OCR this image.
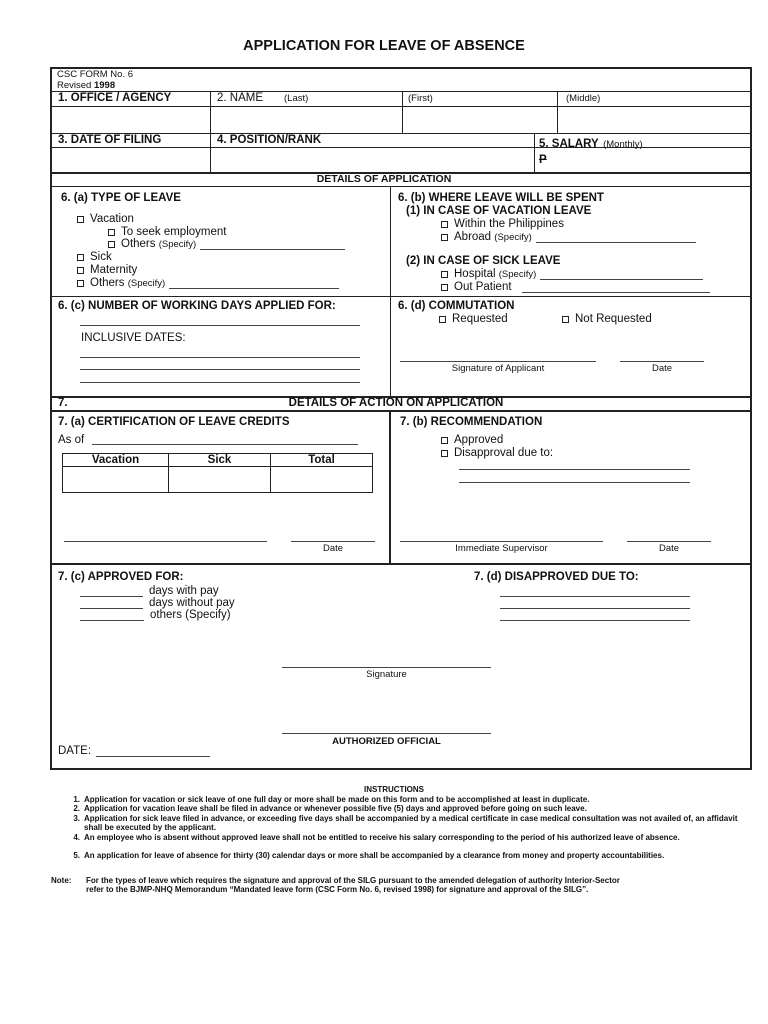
APPLICATION FOR LEAVE OF ABSENCE
CSC FORM No. 6
Revised 1998
1. OFFICE / AGENCY	2. NAME (Last)	(First)	(Middle)
3. DATE OF FILING	4. POSITION/RANK	5. SALARY (Monthly)
P
DETAILS OF APPLICATION
6. (a) TYPE OF LEAVE
Vacation
To seek employment
Others
(Specify)
Sick
Maternity
Others
(Specify)
6. (b) WHERE LEAVE WILL BE SPENT
(1) IN CASE OF VACATION LEAVE
Within the Philippines
Abroad
(Specify)
(2) IN CASE OF SICK LEAVE
Hospital
(Specify)
Out Patient
6. (c) NUMBER OF WORKING DAYS APPLIED FOR:
INCLUSIVE DATES:
6. (d) COMMUTATION
Requested	Not Requested
Signature of Applicant	Date
7.	DETAILS OF ACTION ON APPLICATION
7. (a) CERTIFICATION OF LEAVE CREDITS
As of
Vacation	Sick	Total
Date
7. (b) RECOMMENDATION
Approved
Disapproval due to:
Immediate Supervisor	Date
7. (c) APPROVED FOR:
days with pay
days without pay
others (Specify)
7. (d) DISAPPROVED DUE TO:
Signature
AUTHORIZED OFFICIAL
DATE:
INSTRUCTIONS
1. Application for vacation or sick leave of one full day or more shall be made on this form and to be accomplished at least in duplicate.
2. Application for vacation leave shall be filed in advance or whenever possible five (5) days and approved before going on such leave.
3. Application for sick leave filed in advance, or exceeding five days shall be accompanied by a medical certificate in case medical consultation was not availed of, an affidavit shall be executed by the applicant.
4. An employee who is absent without approved leave shall not be entitled to receive his salary corresponding to the period of his authorized leave of absence.
5. An application for leave of absence for thirty (30) calendar days or more shall be accompanied by a clearance from money and property accountabilities.
Note: For the types of leave which requires the signature and approval of the SILG pursuant to the amended delegation of authority Interior-Sector
refer to the BJMP-NHQ Memorandum “Mandated leave form (CSC Form No. 6, revised 1998) for signature and approval of the SILG”.
